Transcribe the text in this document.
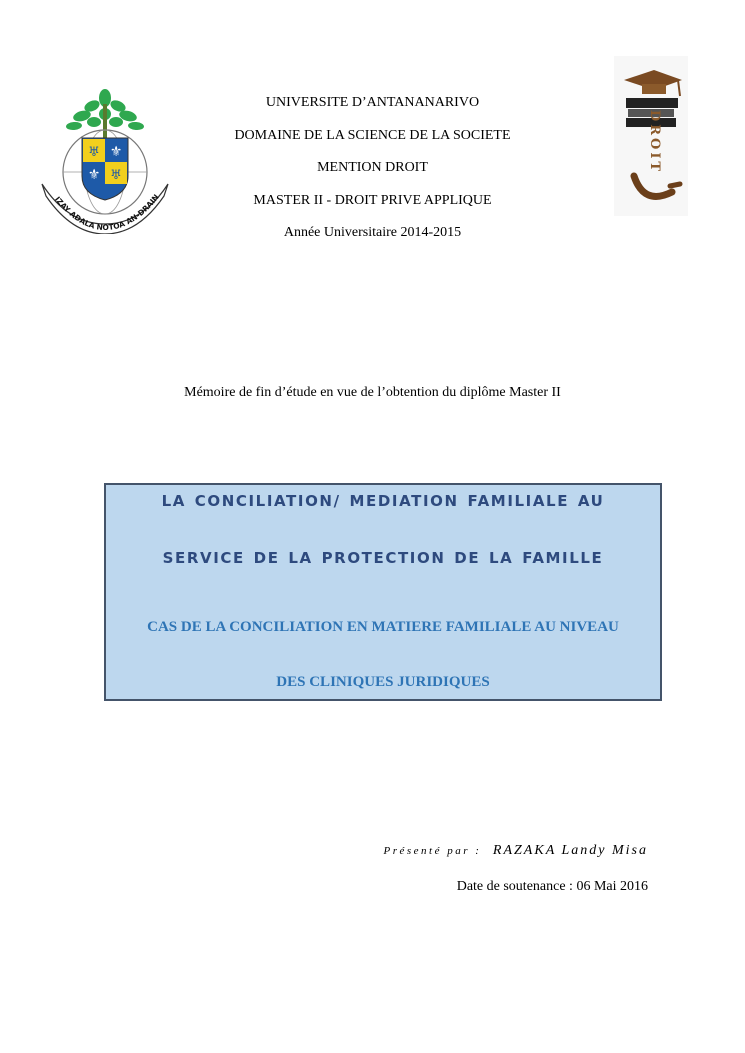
♅ ⚜
⚜ ♅
IZAY ADALA NOTOA AN-DRAIN
UNIVERSITE D’ANTANANARIVO
DOMAINE DE LA SCIENCE DE LA SOCIETE
MENTION DROIT
MASTER II - DROIT PRIVE APPLIQUE
Année Universitaire 2014-2015
DROIT
Mémoire de fin d’étude en vue de l’obtention du diplôme Master II
LA CONCILIATION/ MEDIATION FAMILIALE AU
SERVICE DE LA PROTECTION DE LA FAMILLE
CAS DE LA CONCILIATION EN MATIERE FAMILIALE AU NIVEAU
DES CLINIQUES JURIDIQUES
Présenté par : RAZAKA Landy Misa
Date de soutenance : 06 Mai 2016
